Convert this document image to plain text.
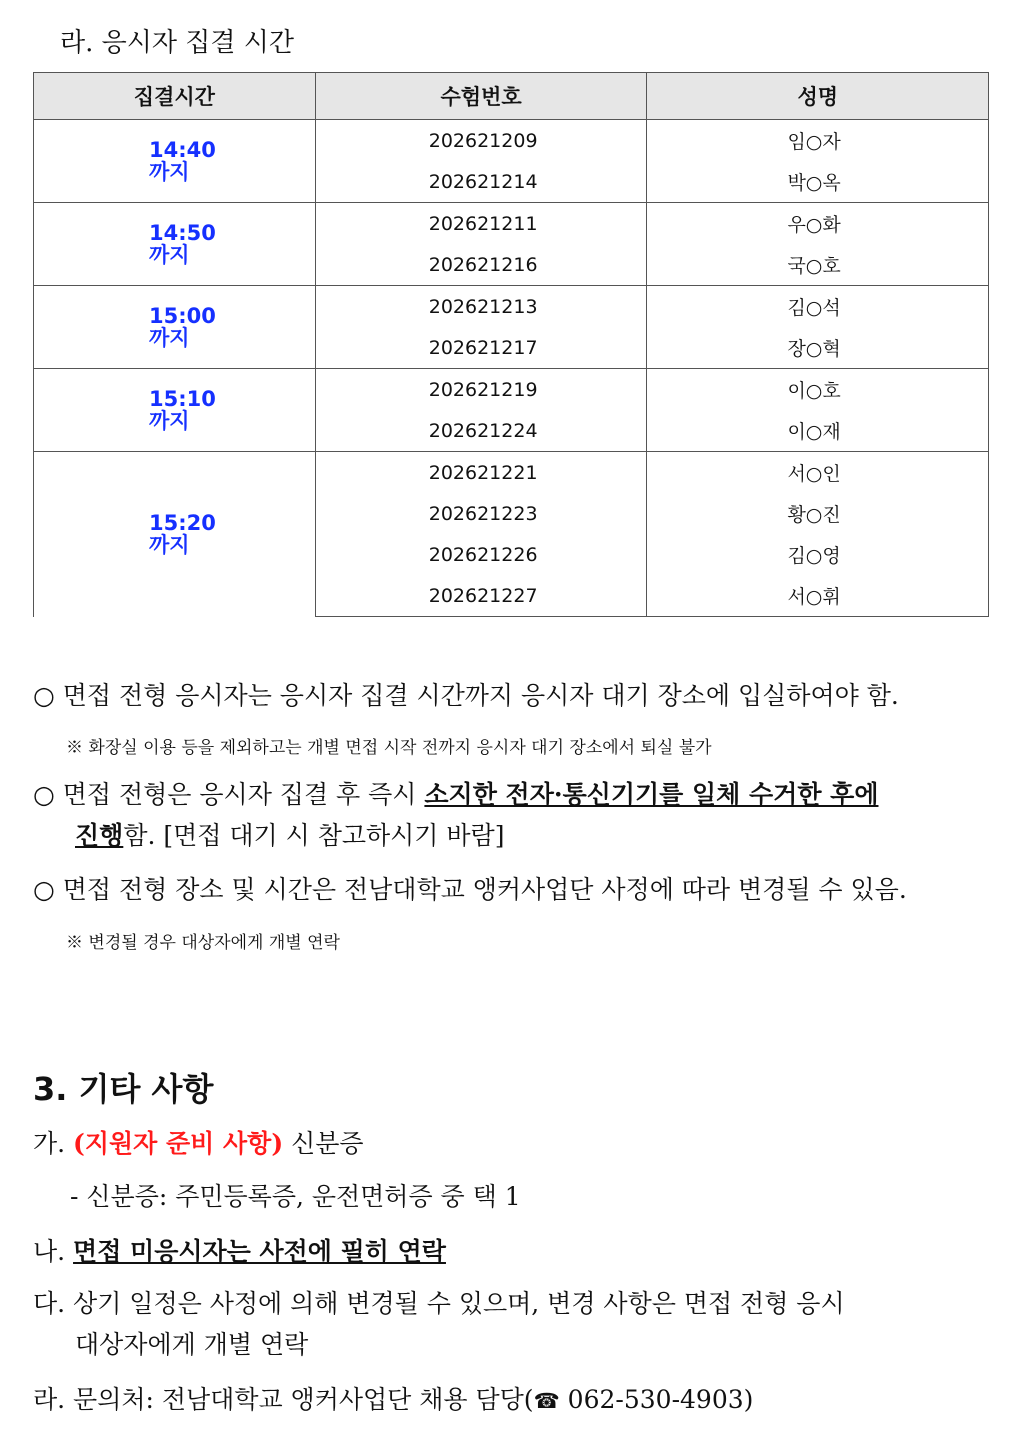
라. 응시자 집결 시간
집결시간	수험번호	성명

14:40
까지	202621209	임○자
	202621214	박○옥

14:50
까지	202621211	우○화
	202621216	국○호

15:00
까지	202621213	김○석
	202621217	장○혁

15:10
까지	202621219	이○호
	202621224	이○재

15:20
까지	202621221	서○인
	202621223	황○진
	202621226	김○영
	202621227	서○휘
○ 면접 전형 응시자는 응시자 집결 시간까지 응시자 대기 장소에 입실하여야 함.
※ 화장실 이용 등을 제외하고는 개별 면접 시작 전까지 응시자 대기 장소에서 퇴실 불가
○ 면접 전형은 응시자 집결 후 즉시 소지한 전자·통신기기를 일체 수거한 후에
진행함. [면접 대기 시 참고하시기 바람]
○ 면접 전형 장소 및 시간은 전남대학교 앵커사업단 사정에 따라 변경될 수 있음.
※ 변경될 경우 대상자에게 개별 연락
3. 기타 사항
가. (지원자 준비 사항) 신분증
- 신분증: 주민등록증, 운전면허증 중 택 1
나. 면접 미응시자는 사전에 필히 연락
다. 상기 일정은 사정에 의해 변경될 수 있으며, 변경 사항은 면접 전형 응시
대상자에게 개별 연락
라. 문의처: 전남대학교 앵커사업단 채용 담당(☎ 062-530-4903)
